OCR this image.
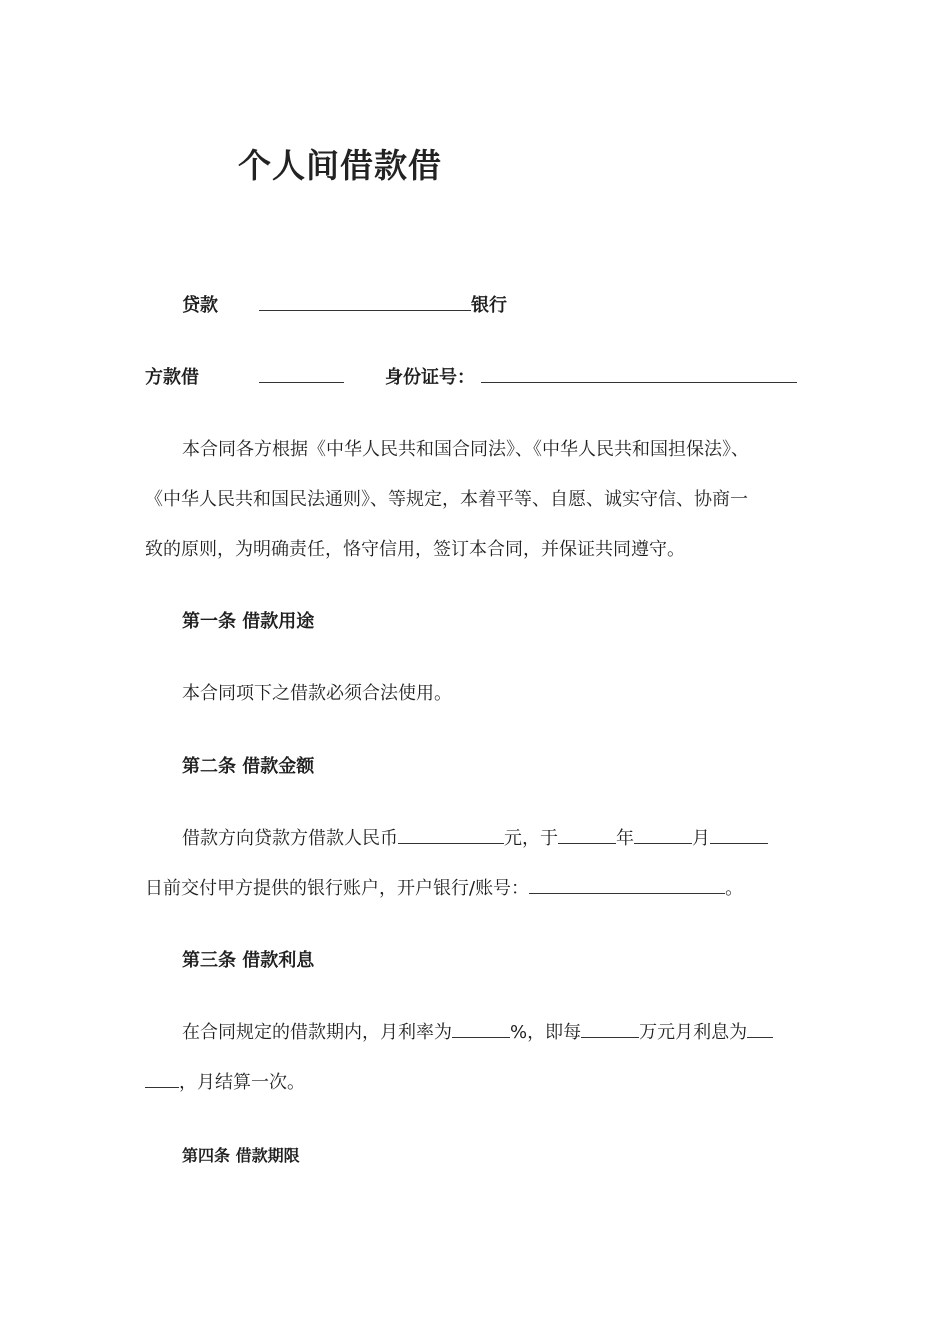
个人间借款借
贷款	银行
方款借	身份证号：
本合同各方根据《中华人民共和国合同法》、《中华人民共和国担保法》、
《中华人民共和国民法通则》、等规定，本着平等、自愿、诚实守信、协商一
致的原则，为明确责任，恪守信用，签订本合同，并保证共同遵守。
第一条 借款用途
本合同项下之借款必须合法使用。
第二条 借款金额
借款方向贷款方借款人民币	元，于	年	月
日前交付甲方提供的银行账户，开户银行/账号：	。
第三条 借款利息
在合同规定的借款期内，月利率为	%，即每	万元月利息为
，月结算一次。
第四条 借款期限
